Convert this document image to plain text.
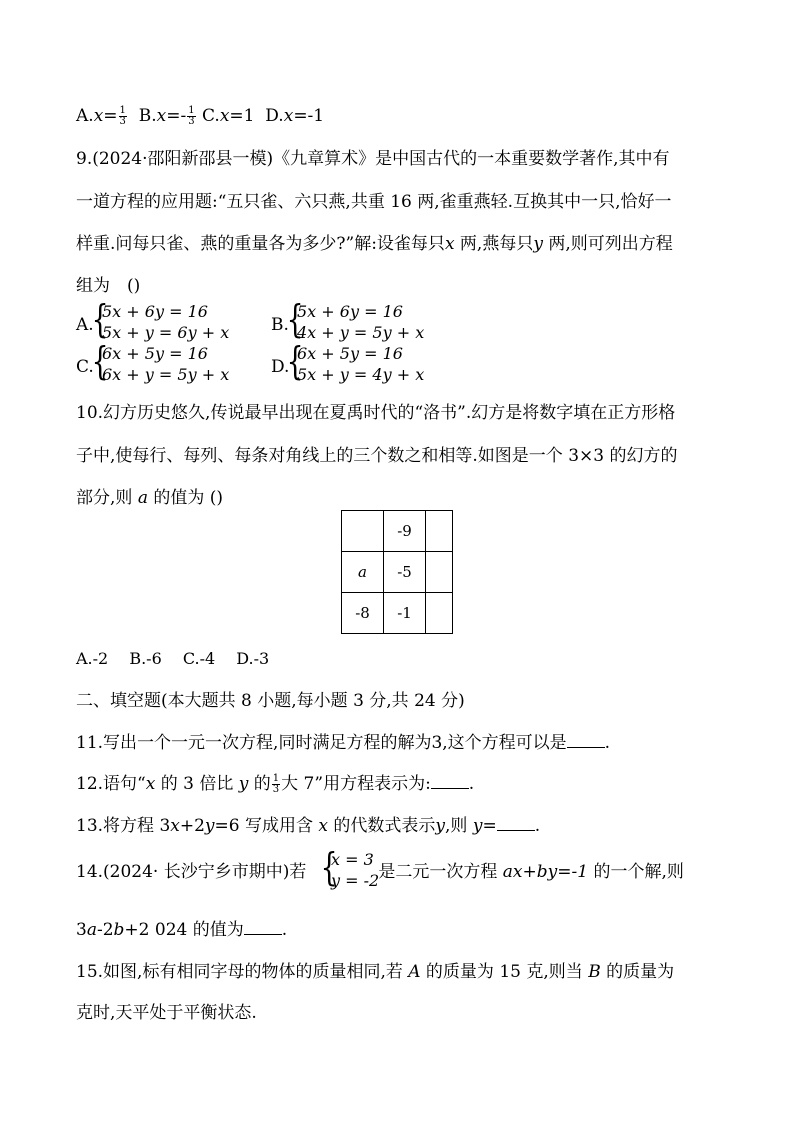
$A.x= \frac{1}{3} B.x=- \frac{1}{3} C.x=1$ D.x=-1
9.(2024·邵阳新邵县一模)《九章算术》是中国古代的一本重要数学著作,其中有
一道方程的应用题:“五只雀、六只燕,共重 16 两,雀重燕轻.互换其中一只,恰好一
样重.问每只雀、燕的重量各为多少?”解:设雀每只x 两,燕每只y 两,则可列出方程
组为　()
A.
{
5x + 6y = 16
5x + y = 6y + x B.
{
5x + 6y = 16
4x + y = 5y + x
C.
{
6x + 5y = 16
6x + y = 5y + x D.
{
6x + 5y = 16
5x + y = 4y + x
10.幻方历史悠久,传说最早出现在夏禹时代的“洛书”.幻方是将数字填在正方形格
子中,使每行、每列、每条对角线上的三个数之和相等.如图是一个 3×3 的幻方的
部分,则 a 的值为 ()
	-9	
a	-5	
-8	-1	
A.-2　 B.-6　 C.-4　 D.-3
二、填空题(本大题共 8 小题,每小题 3 分,共 24 分)
11.写出一个一元一次方程,同时满足方程的解为3,这个方程可以是 .
12.语句“x 的 3 倍比 y 的 $\frac{1}{3}$ 大 7”用方程表示为: .
13.将方程 3x+2y=6 写成用含 x 的代数式表示y,则 y= .
14.(2024· 长沙宁乡市期中)若	是二元一次方程 ax+by=-1 的一个解,则
{
x = 3
y = -2
3a-2b+2 024 的值为 .
15.如图,标有相同字母的物体的质量相同,若 A 的质量为 15 克,则当 B 的质量为
克时,天平处于平衡状态.
